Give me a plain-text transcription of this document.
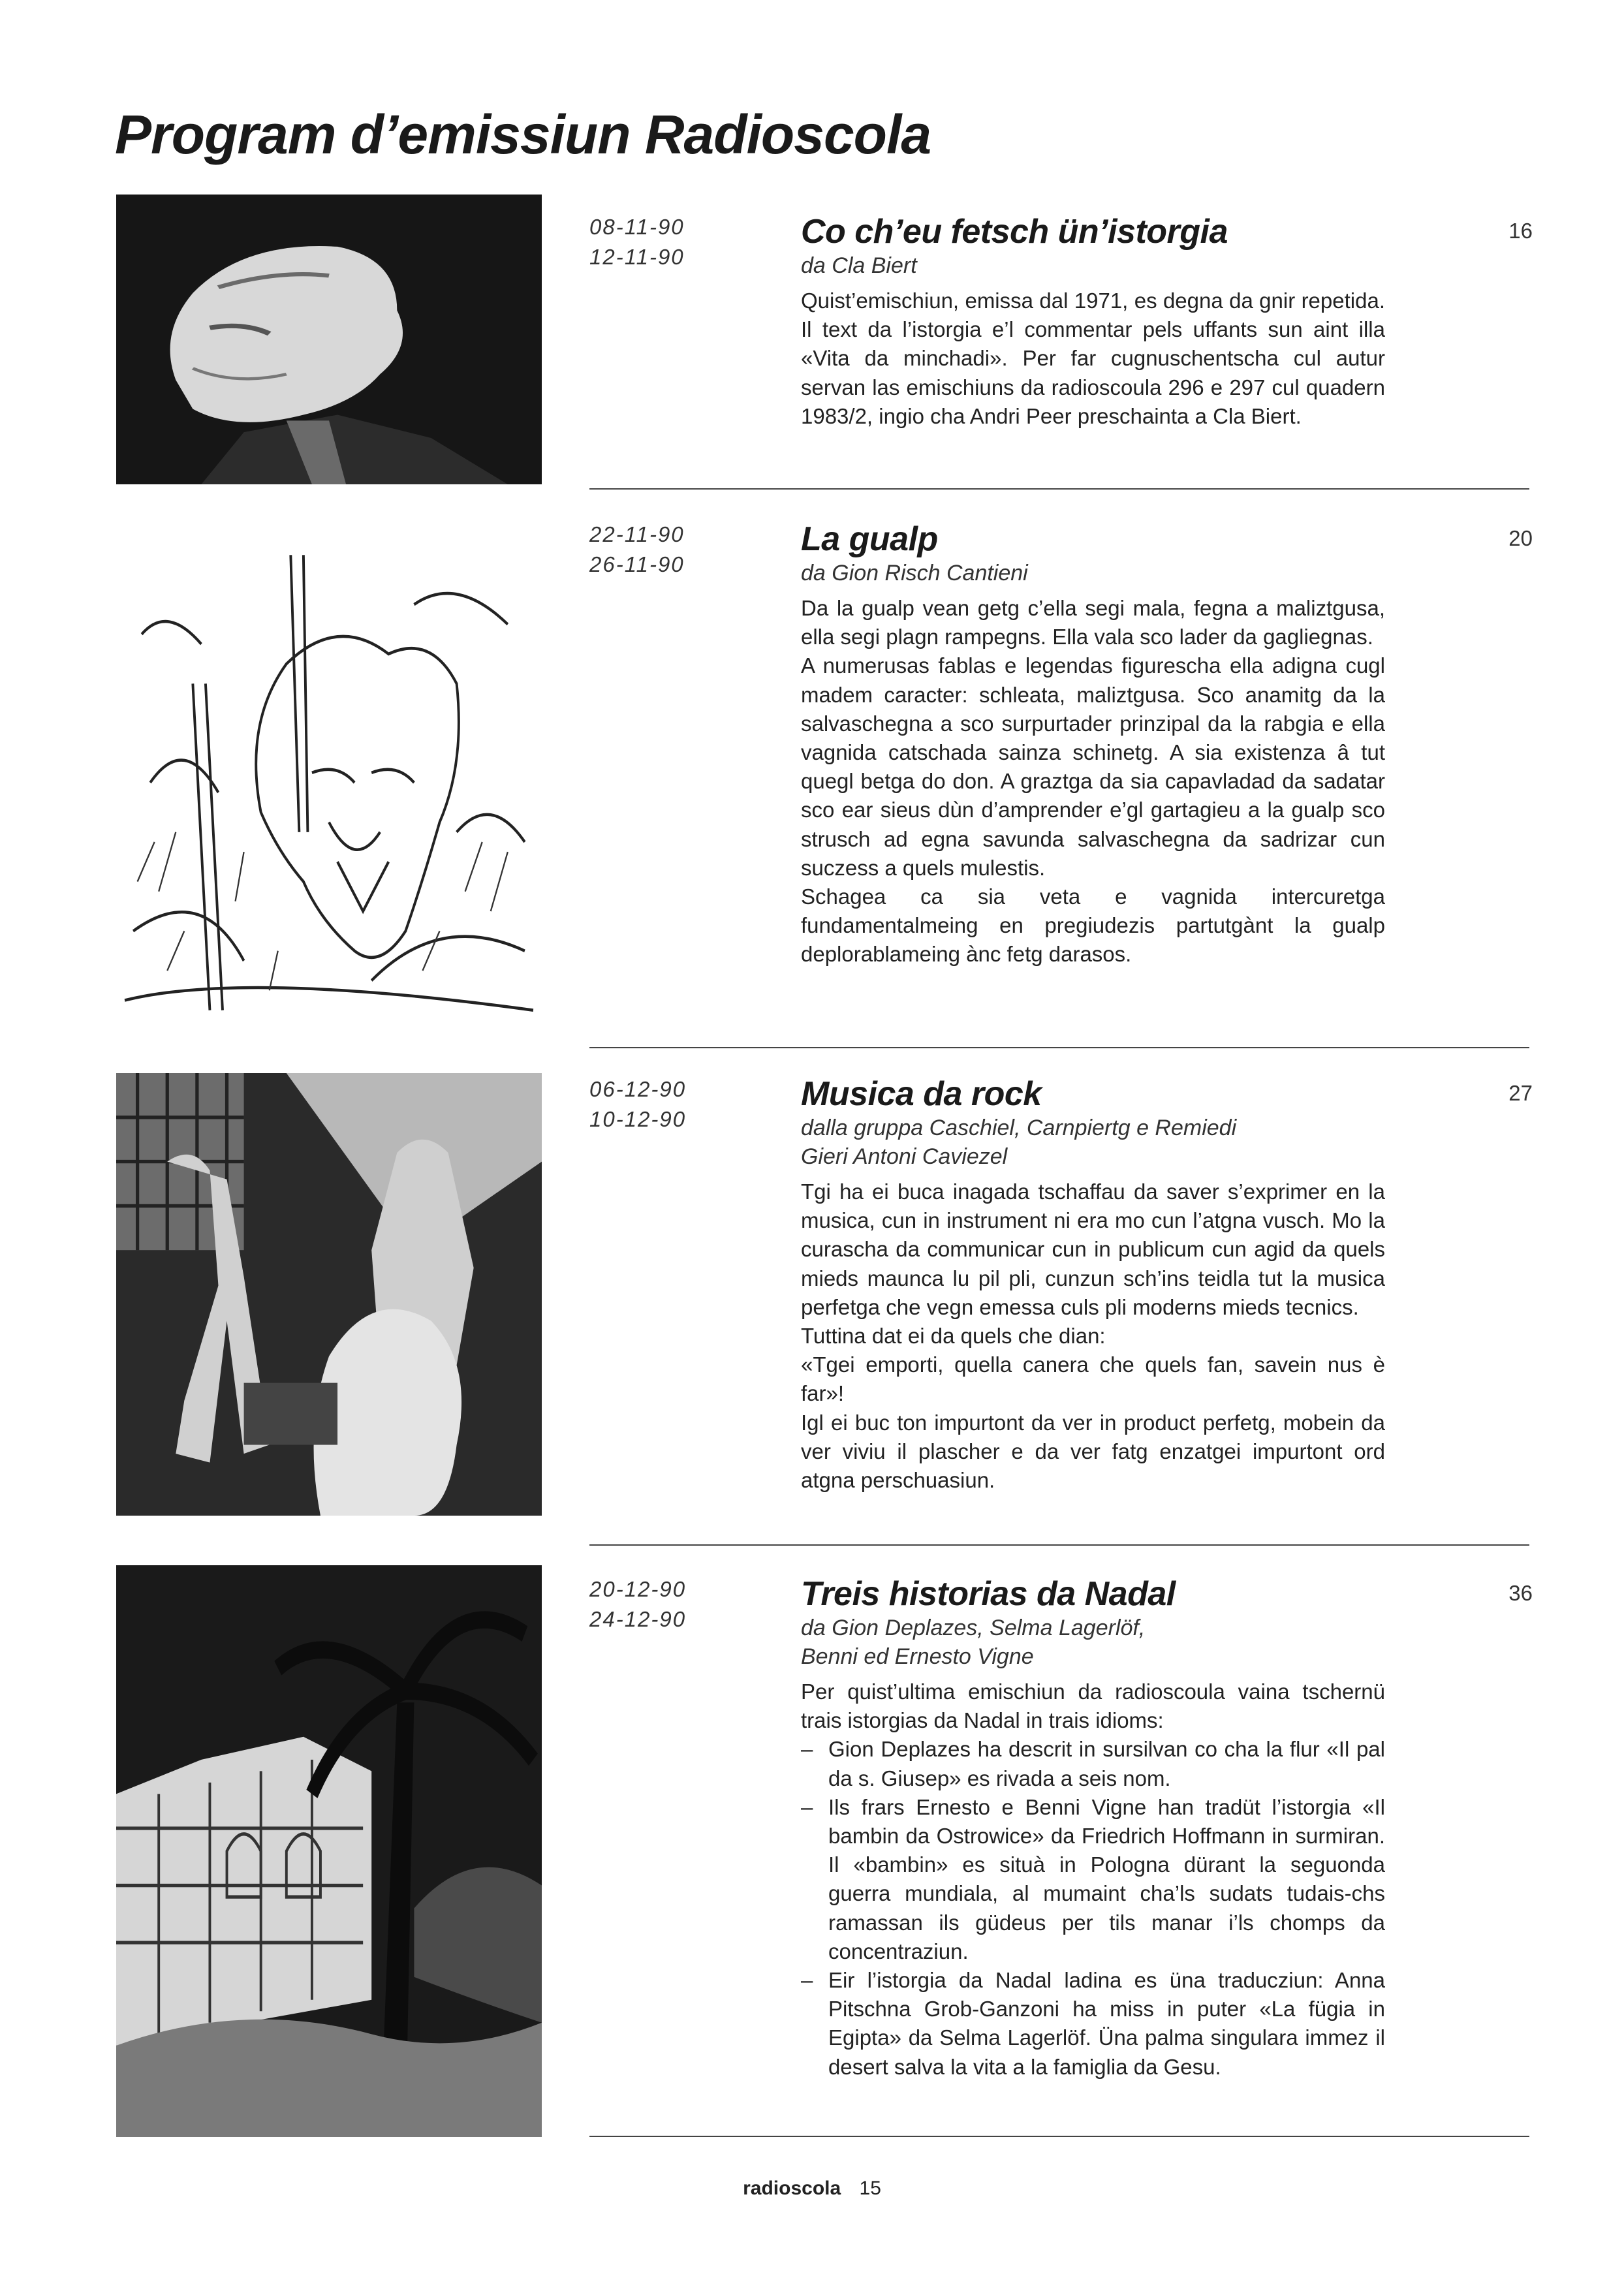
Program d’emissiun Radioscola
08-11-90
12-11-90
Co ch’eu fetsch ün’istorgia
da Cla Biert

Quist’emischiun, emissa dal 1971, es degna da gnir repetida. Il text da l’istorgia e’l commentar pels uffants sun aint illa «Vita da minchadi». Per far cugnuschentscha cul autur servan las emischiuns da radioscoula 296 e 297 cul quadern 1983/2, ingio cha Andri Peer preschainta a Cla Biert.

16
22-11-90
26-11-90
La gualp
da Gion Risch Cantieni

Da la gualp vean getg c’ella segi mala, fegna a maliztgusa, ella segi plagn rampegns. Ella vala sco lader da gagliegnas.

A numerusas fablas e legendas figurescha ella adigna cugl madem caracter: schleata, maliztgusa. Sco anamitg da la salvaschegna a sco surpurtader prinzipal da la rabgia e ella vagnida catschada sainza schinetg. A sia existenza â tut quegl betga do don. A graztga da sia capavladad da sadatar sco ear sieus dùn d’amprender e’gl gartagieu a la gualp sco strusch ad egna savunda salvaschegna da sadrizar cun suczess a quels mulestis.

Schagea ca sia veta e vagnida intercuretga fundamentalmeing en pregiudezis partutgànt la gualp deplorablameing ànc fetg darasos.

20
06-12-90
10-12-90
Musica da rock
dalla gruppa Caschiel, Carnpiertg e Remiedi
Gieri Antoni Caviezel

Tgi ha ei buca inagada tschaffau da saver s’exprimer en la musica, cun in instrument ni era mo cun l’atgna vusch. Mo la curascha da communicar cun in publicum cun agid da quels mieds maunca lu pil pli, cunzun sch’ins teidla tut la musica perfetga che vegn emessa culs pli moderns mieds tecnics.

Tuttina dat ei da quels che dian:

«Tgei emporti, quella canera che quels fan, savein nus è far»!

Igl ei buc ton impurtont da ver in product perfetg, mobein da ver viviu il plascher e da ver fatg enzatgei impurtont ord atgna perschuasiun.

27
20-12-90
24-12-90
Treis historias da Nadal
da Gion Deplazes, Selma Lagerlöf,
Benni ed Ernesto Vigne

Per quist’ultima emischiun da radioscoula vaina tschernü trais istorgias da Nadal in trais idioms:

– Gion Deplazes ha descrit in sursilvan co cha la flur «Il pal da s. Giusep» es rivada a seis nom.
– Ils frars Ernesto e Benni Vigne han tradüt l’istorgia «Il bambin da Ostrowice» da Friedrich Hoffmann in surmiran. Il «bambin» es situà in Pologna dürant la seguonda guerra mundiala, al mumaint cha’ls sudats tudais-chs ramassan ils güdeus per tils manar i’ls chomps da concentraziun.
– Eir l’istorgia da Nadal ladina es üna traducziun: Anna Pitschna Grob-Ganzoni ha miss in puter «La fügia in Egipta» da Selma Lagerlöf. Üna palma singulara immez il desert salva la vita a la famiglia da Gesu.
36
radioscola 15
